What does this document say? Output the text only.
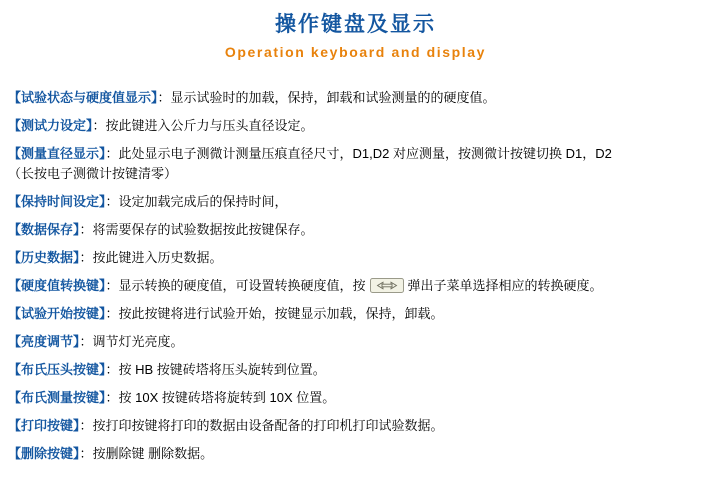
操作键盘及显示
Operation keyboard and display
【试验状态与硬度值显示】：显示试验时的加载，保持，卸载和试验测量的的硬度值。
【测试力设定】：按此键进入公斤力与压头直径设定。
【测量直径显示】：此处显示电子测微计测量压痕直径尺寸，D1,D2 对应测量，按测微计按键切换 D1，D2
（长按电子测微计按键清零）
【保持时间设定】：设定加载完成后的保持时间，
【数据保存】：将需要保存的试验数据按此按键保存。
【历史数据】：按此键进入历史数据。
【硬度值转换键】：显示转换的硬度值，可设置转换硬度值，按	弹出子菜单选择相应的转换硬度。
【试验开始按键】：按此按键将进行试验开始，按键显示加载，保持，卸载。
【亮度调节】：调节灯光亮度。
【布氏压头按键】：按 HB 按键砖塔将压头旋转到位置。
【布氏测量按键】：按 10X 按键砖塔将旋转到 10X 位置。
【打印按键】：按打印按键将打印的数据由设备配备的打印机打印试验数据。
【删除按键】：按删除键 删除数据。
